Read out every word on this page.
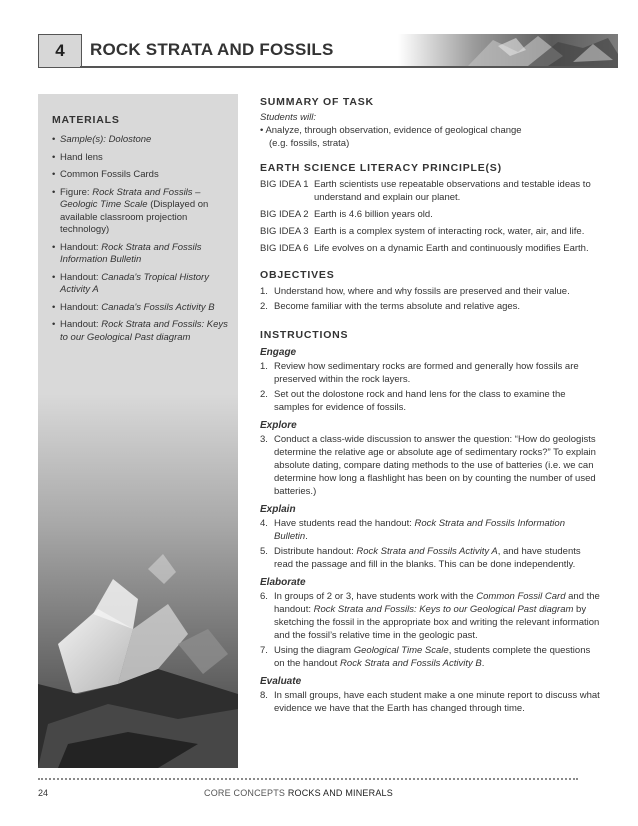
4	ROCK STRATA AND FOSSILS
MATERIALS
• Sample(s): Dolostone
• Hand lens
• Common Fossils Cards
• Figure: Rock Strata and Fossils – Geologic Time Scale (Displayed on available classroom projection technology)
• Handout: Rock Strata and Fossils Information Bulletin
• Handout: Canada's Tropical History Activity A
• Handout: Canada's Fossils Activity B
• Handout: Rock Strata and Fossils: Keys to our Geological Past diagram
SUMMARY OF TASK
Students will:
• Analyze, through observation, evidence of geological change
(e.g. fossils, strata)
EARTH SCIENCE LITERACY PRINCIPLE(S)
BIG IDEA 1 Earth scientists use repeatable observations and testable ideas to understand and explain our planet.
BIG IDEA 2 Earth is 4.6 billion years old.
BIG IDEA 3 Earth is a complex system of interacting rock, water, air, and life.
BIG IDEA 6 Life evolves on a dynamic Earth and continuously modifies Earth.
OBJECTIVES
1. Understand how, where and why fossils are preserved and their value.
2. Become familiar with the terms absolute and relative ages.
INSTRUCTIONS
Engage
1. Review how sedimentary rocks are formed and generally how fossils are preserved within the rock layers.
2. Set out the dolostone rock and hand lens for the class to examine the samples for evidence of fossils.
Explore
3. Conduct a class-wide discussion to answer the question: “How do geologists determine the relative age or absolute age of sedimentary rocks?” To explain absolute dating, compare dating methods to the use of batteries (i.e. we can determine how long a flashlight has been on by counting the number of used batteries.)
Explain
4. Have students read the handout: Rock Strata and Fossils Information Bulletin.
5. Distribute handout: Rock Strata and Fossils Activity A, and have students read the passage and fill in the blanks. This can be done independently.
Elaborate
6. In groups of 2 or 3, have students work with the Common Fossil Card and the handout: Rock Strata and Fossils: Keys to our Geological Past diagram by sketching the fossil in the appropriate box and writing the relevant information and the fossil’s relative time in the geologic past.
7. Using the diagram Geological Time Scale, students complete the questions on the handout Rock Strata and Fossils Activity B.
Evaluate
8. In small groups, have each student make a one minute report to discuss what evidence we have that the Earth has changed through time.
24	CORE CONCEPTS ROCKS AND MINERALS
